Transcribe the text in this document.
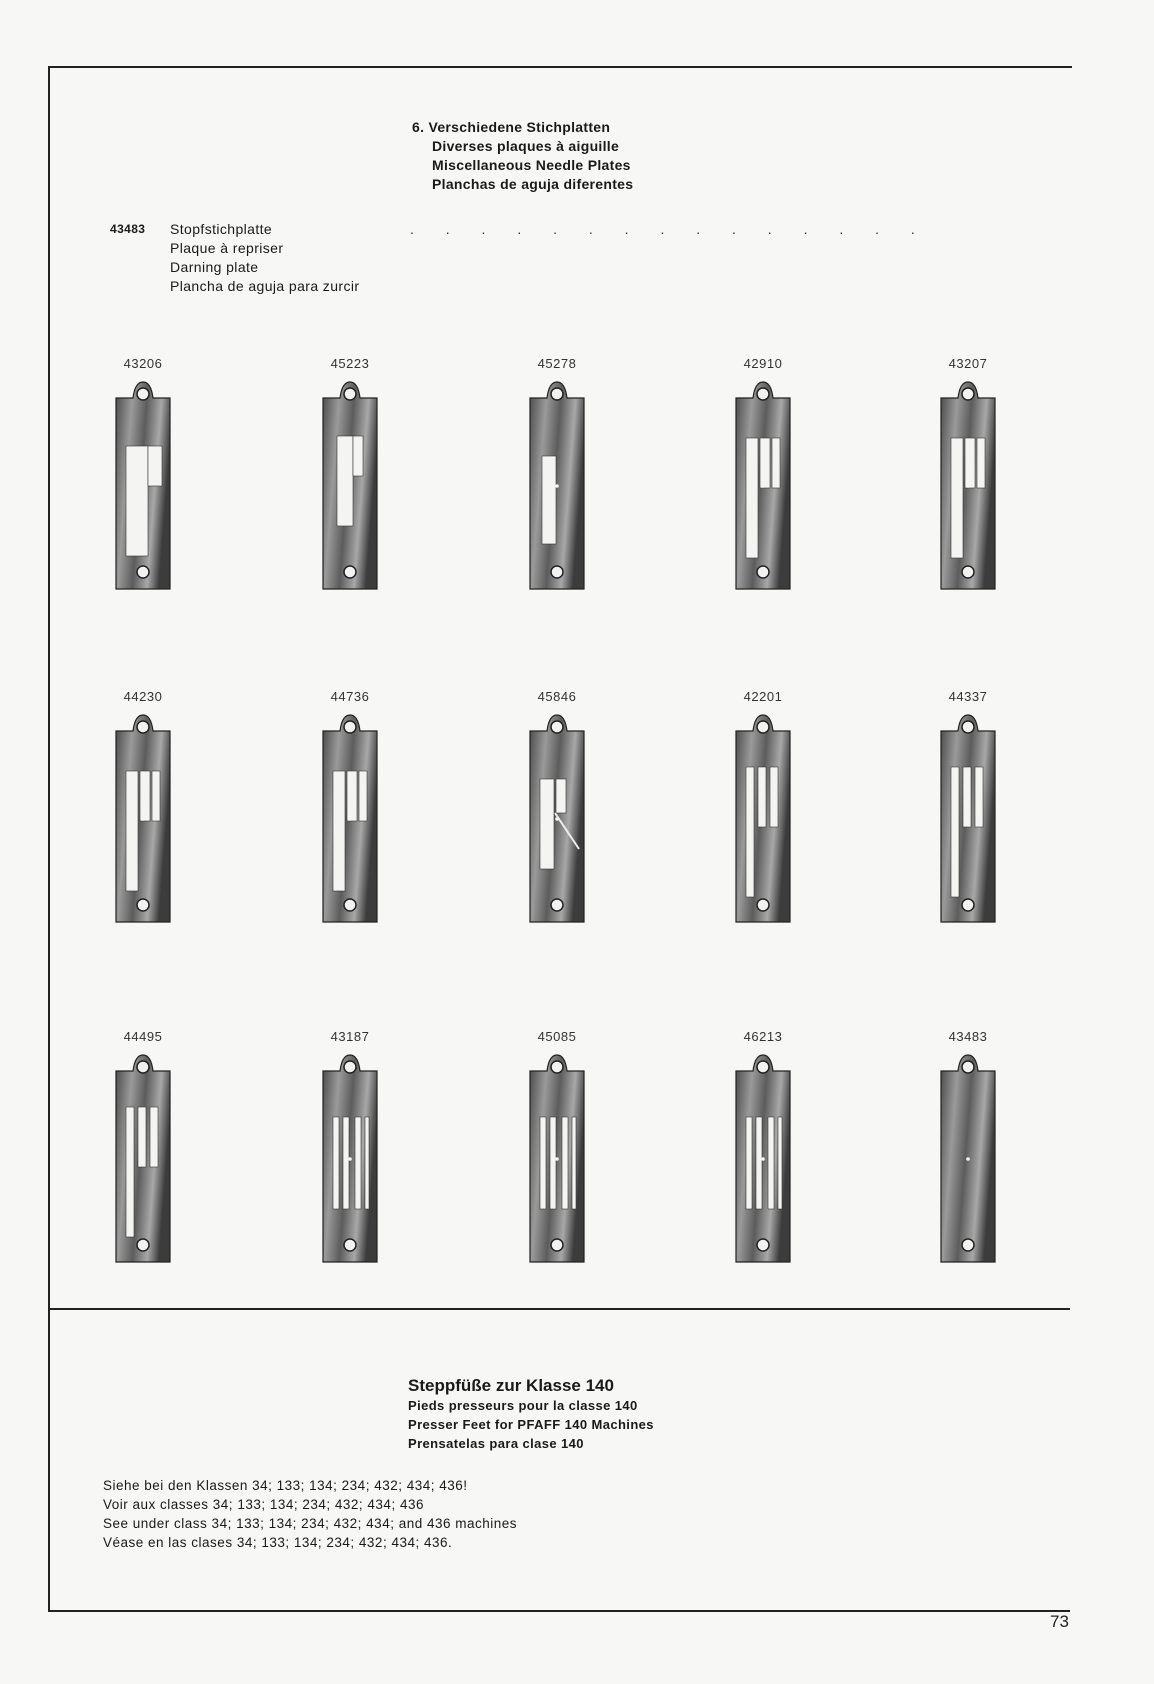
6. Verschiedene Stichplatten
Diverses plaques à aiguille
Miscellaneous Needle Plates
Planchas de aguja diferentes
43483 Stopfstichplatte
Plaque à repriser
Darning plate
Plancha de aguja para zurcir
. . . . . . . . . . . . . . .
43206	45223	45278	42910	43207
44230	44736	45846	42201	44337
44495	43187	45085	46213	43483
Steppfüße zur Klasse 140
Pieds presseurs pour la classe 140
Presser Feet for PFAFF 140 Machines
Prensatelas para clase 140
Siehe bei den Klassen 34; 133; 134; 234; 432; 434; 436!
Voir aux classes 34; 133; 134; 234; 432; 434; 436
See under class 34; 133; 134; 234; 432; 434; and 436 machines
Véase en las clases 34; 133; 134; 234; 432; 434; 436.
73
